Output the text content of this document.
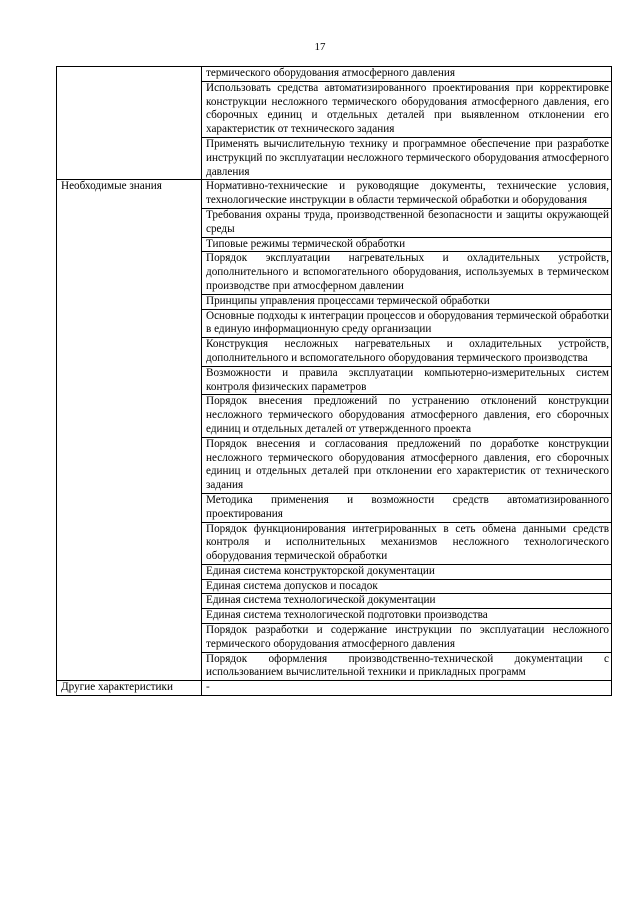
17

	термического оборудования атмосферного давления

	Использовать средства автоматизированного проектирования при корректировке конструкции несложного термического оборудования атмосферного давления, его сборочных единиц и отдельных деталей при выявленном отклонении его характеристик от технического задания

	Применять вычислительную технику и программное обеспечение при разработке инструкций по эксплуатации несложного термического оборудования атмосферного давления

Необходимые знания	Нормативно-технические и руководящие документы, технические условия, технологические инструкции в области термической обработки и оборудования

	Требования охраны труда, производственной безопасности и защиты окружающей среды

	Типовые режимы термической обработки

	Порядок эксплуатации нагревательных и охладительных устройств, дополнительного и вспомогательного оборудования, используемых в термическом производстве при атмосферном давлении

	Принципы управления процессами термической обработки

	Основные подходы к интеграции процессов и оборудования термической обработки в единую информационную среду организации

	Конструкция несложных нагревательных и охладительных устройств, дополнительного и вспомогательного оборудования термического производства

	Возможности и правила эксплуатации компьютерно-измерительных систем контроля физических параметров

	Порядок внесения предложений по устранению отклонений конструкции несложного термического оборудования атмосферного давления, его сборочных единиц и отдельных деталей от утвержденного проекта

	Порядок внесения и согласования предложений по доработке конструкции несложного термического оборудования атмосферного давления, его сборочных единиц и отдельных деталей при отклонении его характеристик от технического задания

	Методика применения и возможности средств автоматизированного проектирования

	Порядок функционирования интегрированных в сеть обмена данными средств контроля и исполнительных механизмов несложного технологического оборудования термической обработки

	Единая система конструкторской документации

	Единая система допусков и посадок

	Единая система технологической документации

	Единая система технологической подготовки производства

	Порядок разработки и содержание инструкции по эксплуатации несложного термического оборудования атмосферного давления

	Порядок оформления производственно-технической документации с использованием вычислительной техники и прикладных программ

Другие характеристики	-
